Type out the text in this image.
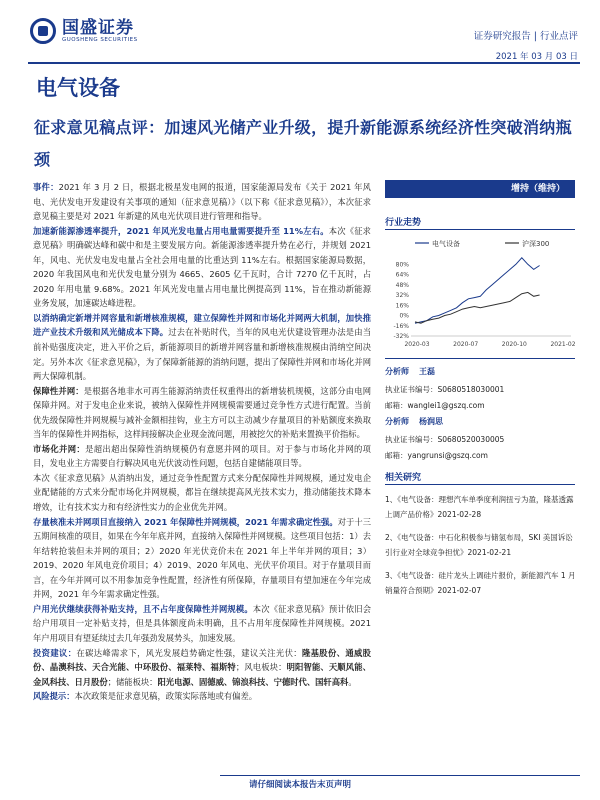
国盛证券
GUOSHENG SECURITIES	证券研究报告 | 行业点评
2021 年 03 月 03 日
电气设备
征求意见稿点评：加速风光储产业升级，提升新能源系统经济性突破消纳瓶颈

事件：2021 年 3 月 2 日，根据北极星发电网的报道，国家能源局发布《关于 2021 年风电、光伏发电开发建设有关事项的通知（征求意见稿）》（以下称《征求意见稿》），本次征求意见稿主要是对 2021 年新建的风电光伏项目进行管理和指导。

加速新能源渗透率提升，2021 年风光发电量占用电量需要提升至 11%左右。本次《征求意见稿》明确碳达峰和碳中和是主要发展方向。新能源渗透率提升势在必行，并规划 2021 年，风电、光伏发电发电量占全社会用电量的比重达到 11%左右。根据国家能源局数据，2020 年我国风电和光伏发电量分别为 4665、2605 亿千瓦时，合计 7270 亿千瓦时，占 2020 年用电量 9.68%。2021 年风光发电量占用电量比例提高到 11%，旨在推动新能源业务发展，加速碳达峰进程。

以消纳确定新增并网容量和新增核准规模，建立保障性并网和市场化并网两大机制，加快推进产业技术升级和风光储成本下降。过去在补贴时代，当年的风电光伏建设管理办法是由当前补贴强度决定，进入平价之后，新能源项目的新增并网容量和新增核准规模由消纳空间决定。另外本次《征求意见稿》，为了保障新能源的消纳问题，提出了保障性并网和市场化并网两大保障机制。

保障性并网：是根据各地非水可再生能源消纳责任权重得出的新增装机规模，这部分由电网保障并网。对于发电企业来说，被纳入保障性并网规模需要通过竞争性方式进行配置。当前优先级保障性并网规模与减补金额相挂钩，业主方可以主动减少存量项目的补贴额度来换取当年的保障性并网指标，这样间接解决企业现金流问题，用被挖欠的补贴来置换平价指标。

市场化并网：是超出超出保障性消纳规模仍有意愿并网的项目。对于参与市场化并网的项目，发电业主方需要自行解决风电光伏波动性问题，包括自建储能项目等。

本次《征求意见稿》从消纳出发，通过竞争性配置方式来分配保障性并网规模，通过发电企业配储能的方式来分配市场化并网规模，都旨在继续提高风光技术实力，推动储能技术降本增效，让有技术实力和有经济性实力的企业优先并网。

存量核准未并网项目直接纳入 2021 年保障性并网规模，2021 年需求确定性强。对于十三五期间核准的项目，如果在今年年底并网，直接纳入保障性并网规模。这些项目包括：1）去年结转抢装但未并网的项目；2）2020 年光伏竞价未在 2021 年上半年并网的项目；3）2019、2020 年风电竞价项目；4）2019、2020 年风电、光伏平价项目。对于存量项目而言，在今年并网可以不用参加竞争性配置，经济性有所保障，存量项目有望加速在今年完成并网，2021 年今年需求确定性强。

户用光伏继续获得补贴支持，且不占年度保障性并网规模。本次《征求意见稿》预计依旧会给户用项目一定补贴支持，但是具体额度尚未明确，且不占用年度保障性并网规模。2021 年户用项目有望延续过去几年强劲发展势头，加速发展。

投资建议：在碳达峰需求下，风光发展趋势确定性强，建议关注光伏：隆基股份、通威股份、晶澳科技、天合光能、中环股份、福莱特、福斯特；风电板块：明阳智能、天顺风能、金风科技、日月股份；储能板块：阳光电源、固德威、锦浪科技、宁德时代、国轩高科。

风险提示：本次政策是征求意见稿，政策实际落地或有偏差。

增持（维持）
行业走势
电气设备	沪深300
80%
64%
48%
32%
16%
0%
-16%
-32%
2020-03	2020-07	2020-10	2021-02
分析师 王磊
执业证书编号：S0680518030001
邮箱：wanglei1@gszq.com
分析师 杨润思
执业证书编号：S0680520030005
邮箱：yangrunsi@gszq.com
相关研究
1、《电气设备：理想汽车单季度利润扭亏为盈，隆基透露上调产品价格》2021-02-28
2、《电气设备：中石化积极参与储氢布局，SKI 美国诉讼引行业对全球竞争担忧》2021-02-21
3、《电气设备：硅片龙头上调硅片报价，新能源汽车 1 月销量符合预期》2021-02-07
请仔细阅读本报告末页声明
